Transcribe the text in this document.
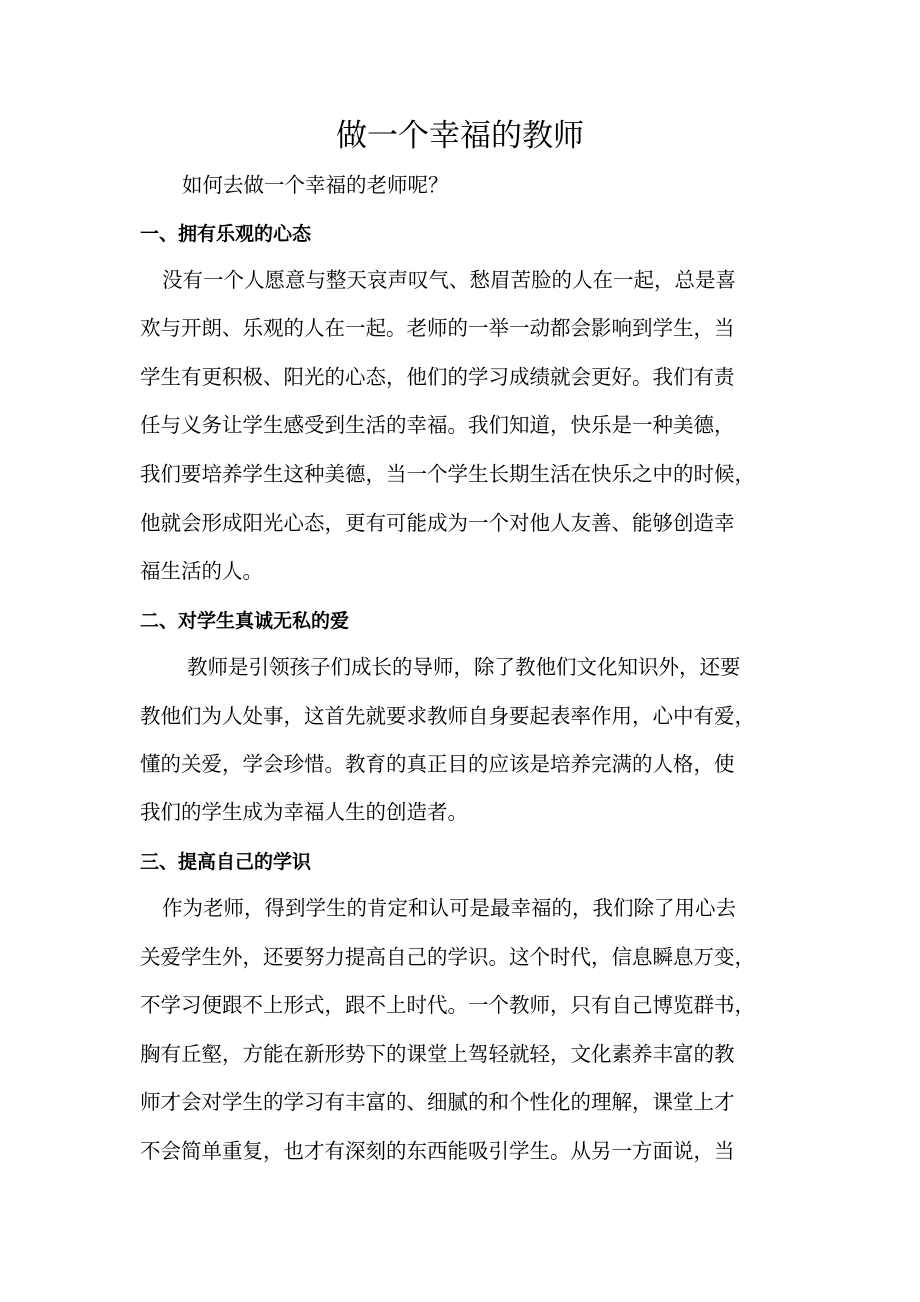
做一个幸福的教师

如何去做一个幸福的老师呢？

一、拥有乐观的心态

没有一个人愿意与整天哀声叹气、愁眉苦脸的人在一起，总是喜

欢与开朗、乐观的人在一起。老师的一举一动都会影响到学生，当

学生有更积极、阳光的心态，他们的学习成绩就会更好。我们有责

任与义务让学生感受到生活的幸福。我们知道，快乐是一种美德，

我们要培养学生这种美德，当一个学生长期生活在快乐之中的时候，

他就会形成阳光心态，更有可能成为一个对他人友善、能够创造幸

福生活的人。

二、对学生真诚无私的爱

教师是引领孩子们成长的导师，除了教他们文化知识外，还要

教他们为人处事，这首先就要求教师自身要起表率作用，心中有爱，

懂的关爱，学会珍惜。教育的真正目的应该是培养完满的人格，使

我们的学生成为幸福人生的创造者。

三、提高自己的学识

作为老师，得到学生的肯定和认可是最幸福的，我们除了用心去

关爱学生外，还要努力提高自己的学识。这个时代，信息瞬息万变，

不学习便跟不上形式，跟不上时代。一个教师，只有自己博览群书，

胸有丘壑，方能在新形势下的课堂上驾轻就轻，文化素养丰富的教

师才会对学生的学习有丰富的、细腻的和个性化的理解，课堂上才

不会简单重复，也才有深刻的东西能吸引学生。从另一方面说，当
